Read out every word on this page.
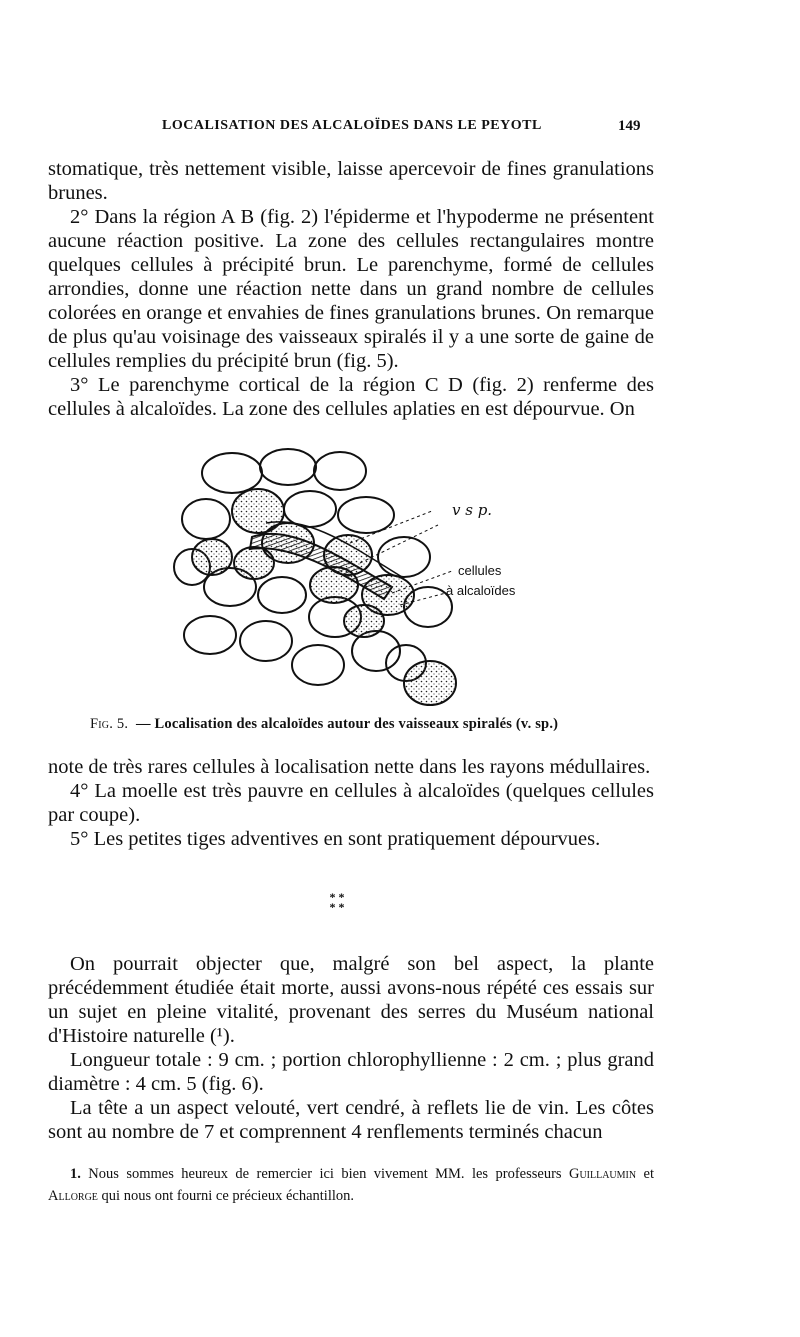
LOCALISATION DES ALCALOÏDES DANS LE PEYOTL	149

stomatique, très nettement visible, laisse apercevoir de fines granulations brunes.

2° Dans la région A B (fig. 2) l'épiderme et l'hypoderme ne présentent aucune réaction positive. La zone des cellules rectangulaires montre quelques cellules à précipité brun. Le parenchyme, formé de cellules arrondies, donne une réaction nette dans un grand nombre de cellules colorées en orange et envahies de fines granulations brunes. On remarque de plus qu'au voisinage des vaisseaux spiralés il y a une sorte de gaine de cellules remplies du précipité brun (fig. 5).

3° Le parenchyme cortical de la région C D (fig. 2) renferme des cellules à alcaloïdes. La zone des cellules aplaties en est dépourvue. On

v s p.
cellules
à alcaloïdes
Fig. 5. — Localisation des alcaloïdes autour des vaisseaux spiralés (v. sp.)

note de très rares cellules à localisation nette dans les rayons médullaires.

4° La moelle est très pauvre en cellules à alcaloïdes (quelques cellules par coupe).

5° Les petites tiges adventives en sont pratiquement dépourvues.

* *
* *

On pourrait objecter que, malgré son bel aspect, la plante précédemment étudiée était morte, aussi avons-nous répété ces essais sur un sujet en pleine vitalité, provenant des serres du Muséum national d'Histoire naturelle (¹).

Longueur totale : 9 cm. ; portion chlorophyllienne : 2 cm. ; plus grand diamètre : 4 cm. 5 (fig. 6).

La tête a un aspect velouté, vert cendré, à reflets lie de vin. Les côtes sont au nombre de 7 et comprennent 4 renflements terminés chacun

1. Nous sommes heureux de remercier ici bien vivement MM. les professeurs Guillaumin et Allorge qui nous ont fourni ce précieux échantillon.
